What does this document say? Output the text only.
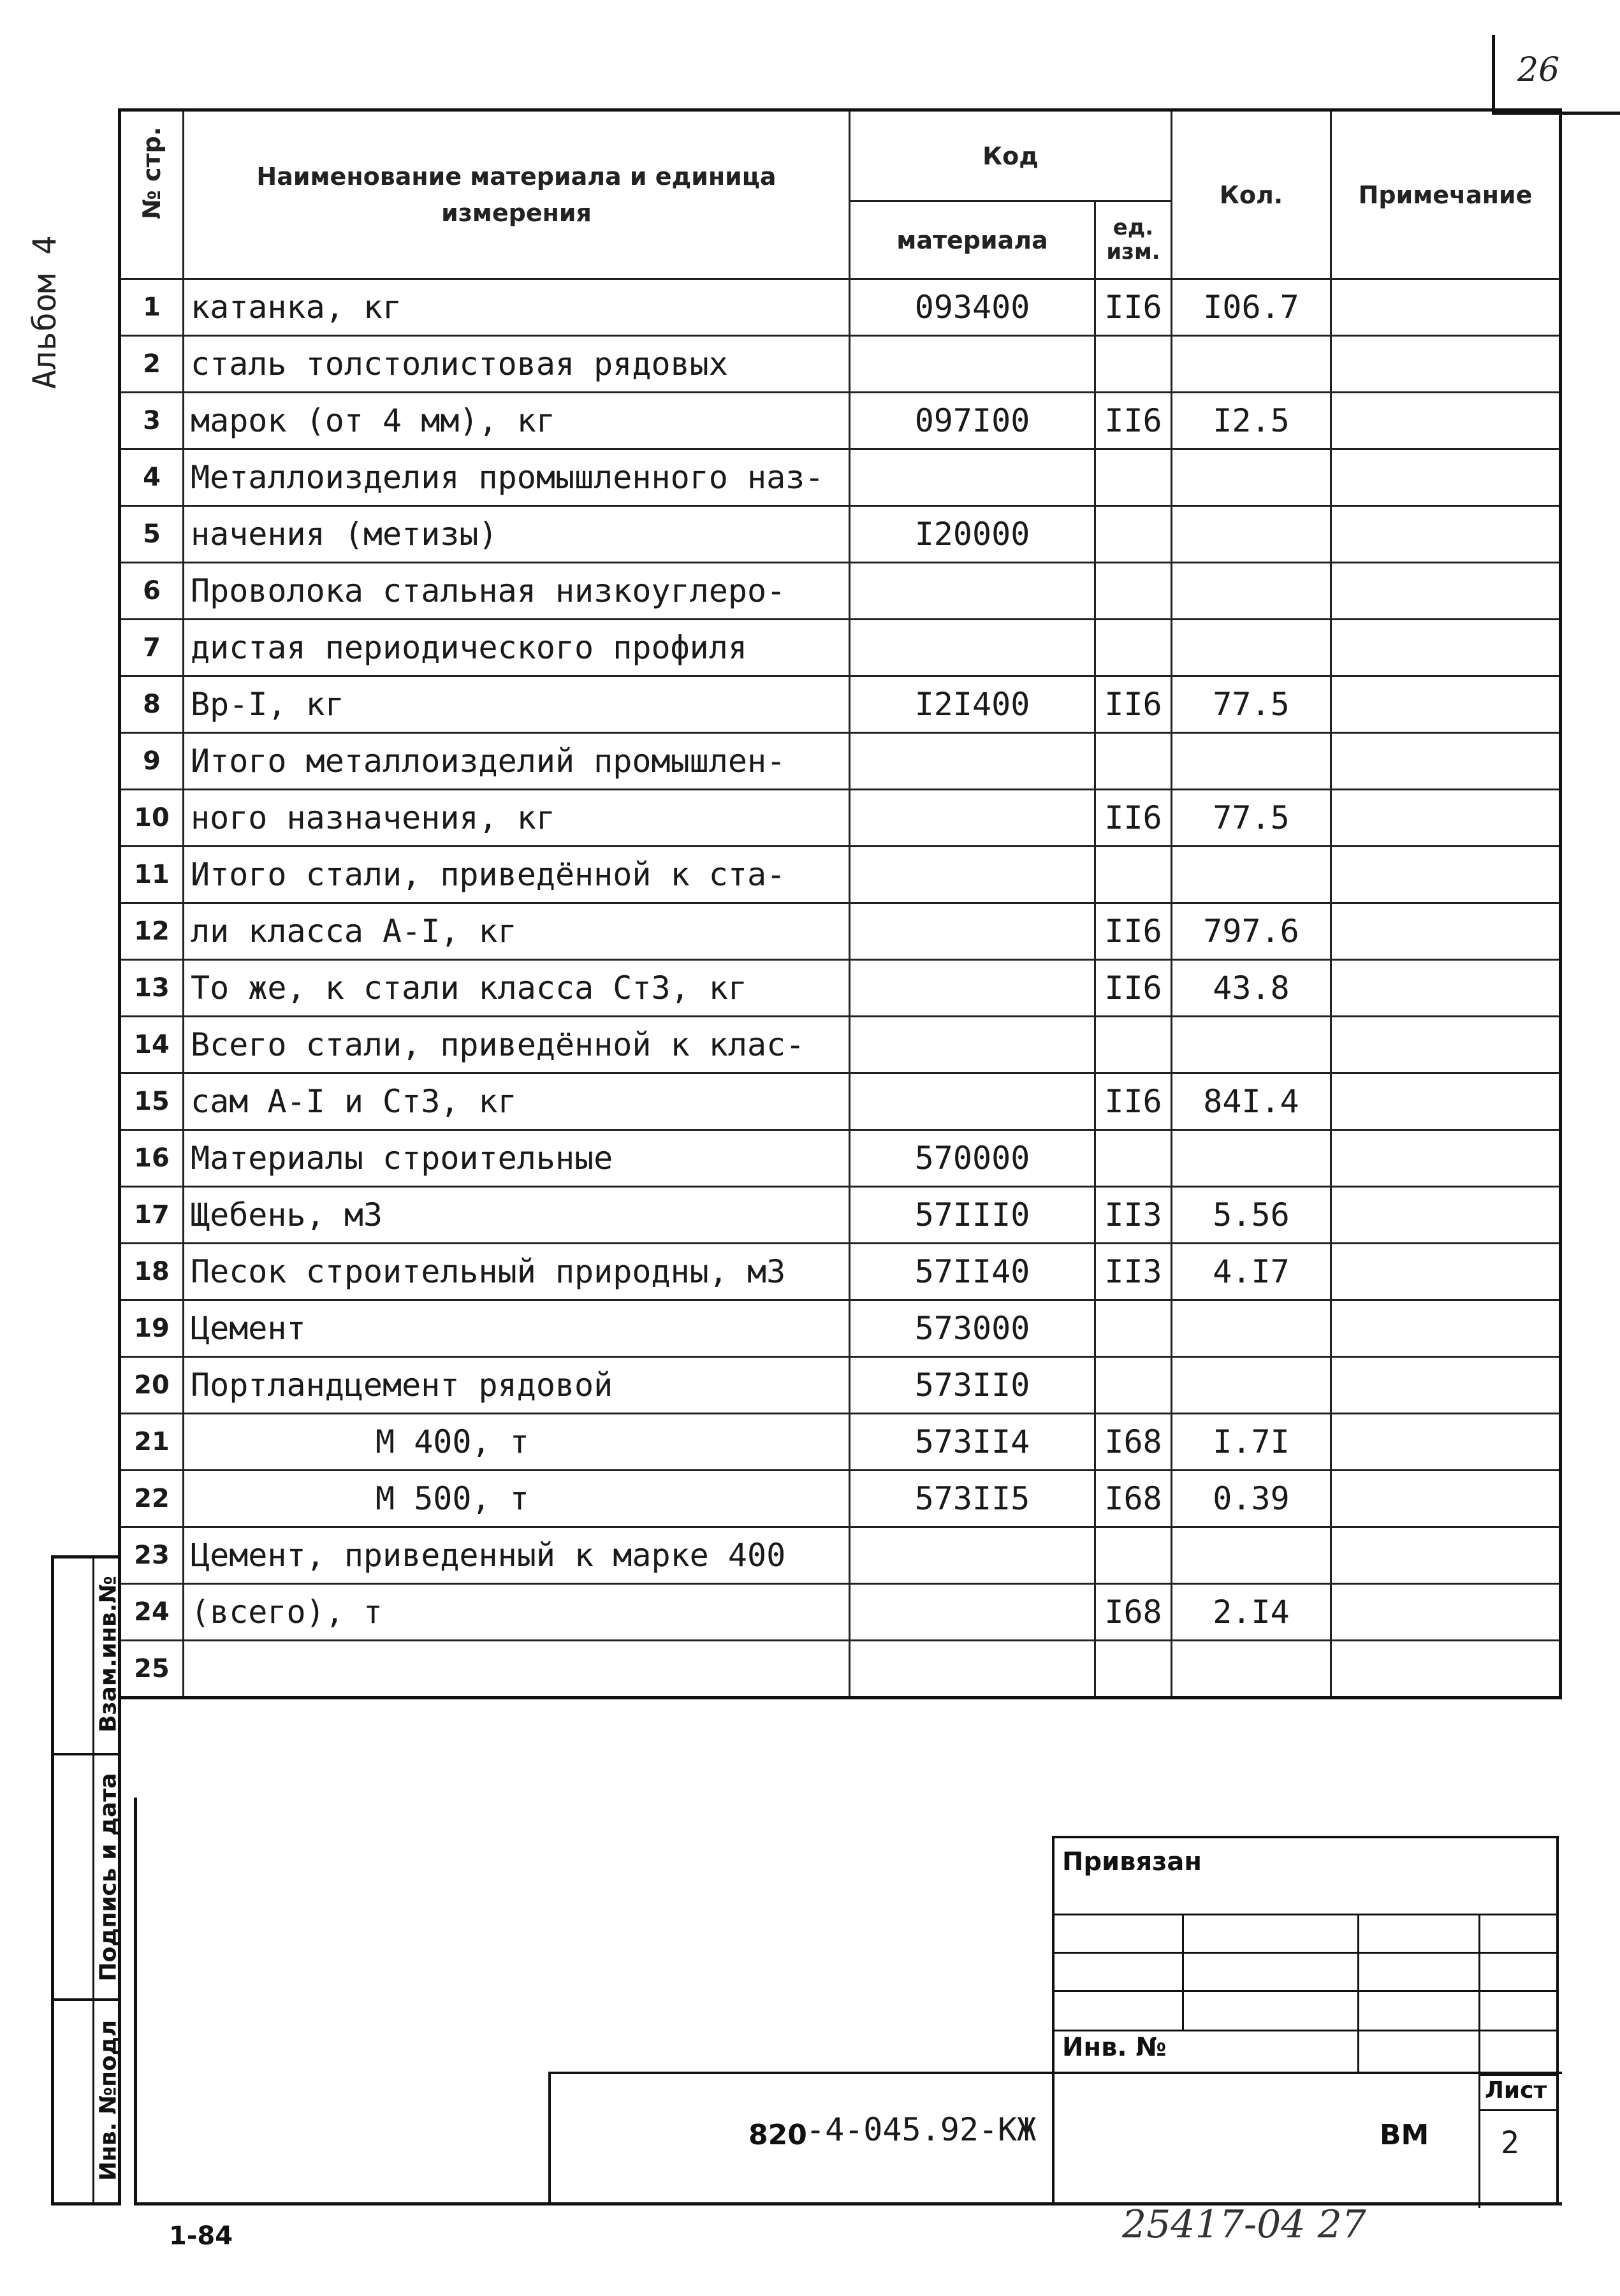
26
Альбом 4
№ стр.	Наименование материала и единица измерения	Код		Кол.	Примечание
		материала	ед. изм.		
1	катанка, кг	093400	II6	I06.7	
2	сталь толстолистовая рядовых				
3	марок (от 4 мм), кг	097I00	II6	I2.5	
4	Металлоизделия промышленного наз-				
5	начения (метизы)	I20000			
6	Проволока стальная низкоуглеро-				
7	дистая периодического профиля				
8	Вр-I, кг	I2I400	II6	77.5	
9	Итого металлоизделий промышлен-				
10	ного назначения, кг		II6	77.5	
11	Итого стали, приведённой к ста-				
12	ли класса А-I, кг		II6	797.6	
13	То же, к стали класса Ст3, кг		II6	43.8	
14	Всего стали, приведённой к клас-				
15	сам А-I и Ст3, кг		II6	84I.4	
16	Материалы строительные	570000			
17	Щебень, м3	57III0	II3	5.56	
18	Песок строительный природны, м3	57II40	II3	4.I7	
19	Цемент	573000			
20	Портландцемент рядовой	573II0			
21	М 400, т	573II4	I68	I.7I	
22	М 500, т	573II5	I68	0.39	
23	Цемент, приведенный к марке 400				
24	(всего), т		I68	2.I4	
25					
Взам.инв.№
Подпись и дата
Инв. №подл
Привязан
Инв. №
Лист
2
820
-4-045.92-КЖ	ВМ
1-84	25417-04 27
